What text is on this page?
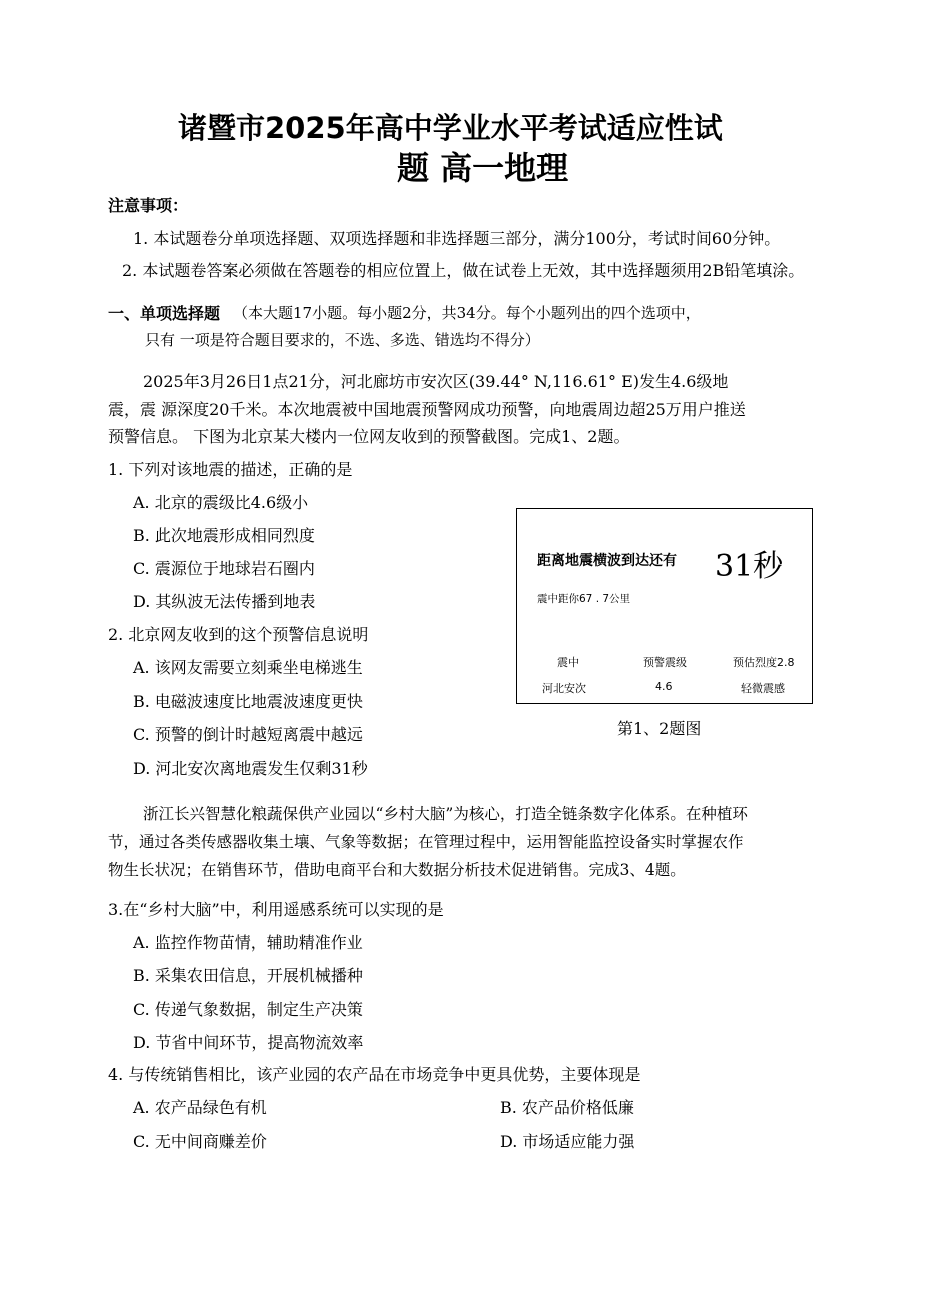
诸暨市2025年高中学业水平考试适应性试
题 高一地理
注意事项：
1. 本试题卷分单项选择题、双项选择题和非选择题三部分，满分100分，考试时间60分钟。
2. 本试题卷答案必须做在答题卷的相应位置上，做在试卷上无效，其中选择题须用2B铅笔填涂。
一、单项选择题 （本大题17小题。每小题2分，共34分。每个小题列出的四个选项中，
只有 一项是符合题目要求的，不选、多选、错选均不得分）
2025年3月26日1点21分，河北廊坊市安次区(39.44° N,116.61° E)发生4.6级地
震，震 源深度20千米。本次地震被中国地震预警网成功预警，向地震周边超25万用户推送
预警信息。 下图为北京某大楼内一位网友收到的预警截图。完成1、2题。
1. 下列对该地震的描述，正确的是
A. 北京的震级比4.6级小
B. 此次地震形成相同烈度
C. 震源位于地球岩石圈内
D. 其纵波无法传播到地表
2. 北京网友收到的这个预警信息说明
A. 该网友需要立刻乘坐电梯逃生
B. 电磁波速度比地震波速度更快
C. 预警的倒计时越短离震中越远
D. 河北安次离地震发生仅剩31秒
距离地震横波到达还有 31秒
震中距你67 . 7公里
震中	预警震级	预估烈度2.8
河北安次	4.6	轻微震感
第1、2题图
浙江长兴智慧化粮蔬保供产业园以“乡村大脑”为核心，打造全链条数字化体系。在种植环
节，通过各类传感器收集土壤、气象等数据；在管理过程中，运用智能监控设备实时掌握农作
物生长状况；在销售环节，借助电商平台和大数据分析技术促进销售。完成3、4题。
3.在“乡村大脑”中，利用遥感系统可以实现的是
A. 监控作物苗情，辅助精准作业
B. 采集农田信息，开展机械播种
C. 传递气象数据，制定生产决策
D. 节省中间环节，提高物流效率
4. 与传统销售相比，该产业园的农产品在市场竞争中更具优势，主要体现是
A. 农产品绿色有机	B. 农产品价格低廉
C. 无中间商赚差价	D. 市场适应能力强
